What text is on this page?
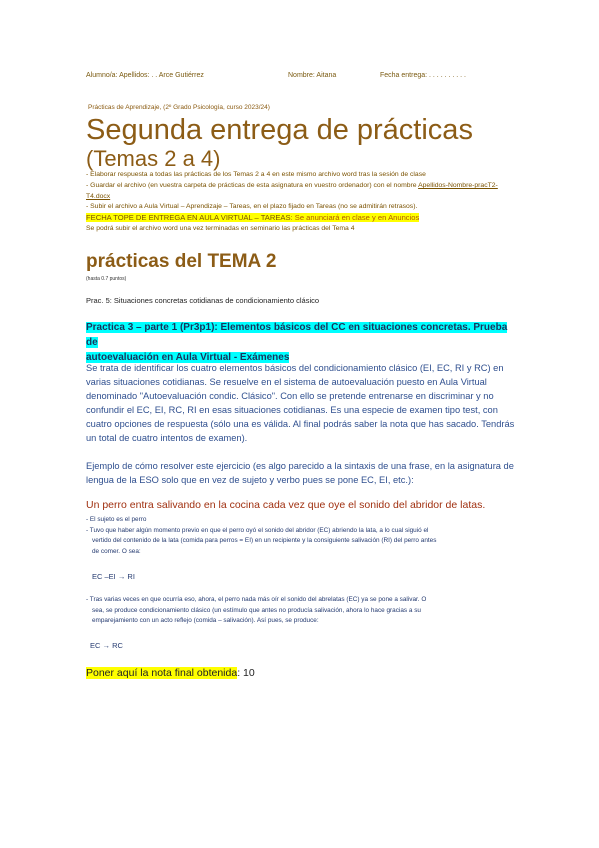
Alumno/a: Apellidos: . . Arce Gutiérrez	Nombre: Aitana	Fecha entrega: . . . . . . . . . .
Prácticas de Aprendizaje, (2º Grado Psicología, curso 2023/24)
Segunda entrega de prácticas
(Temas 2 a 4)
- Elaborar respuesta a todas las prácticas de los Temas 2 a 4 en este mismo archivo word tras la sesión de clase
- Guardar el archivo (en vuestra carpeta de prácticas de esta asignatura en vuestro ordenador) con el nombre Apellidos-Nombre-pracT2-
T4.docx
- Subir el archivo a Aula Virtual – Aprendizaje – Tareas, en el plazo fijado en Tareas (no se admitirán retrasos).
FECHA TOPE DE ENTREGA EN AULA VIRTUAL – TAREAS: Se anunciará en clase y en Anuncios
Se podrá subir el archivo word una vez terminadas en seminario las prácticas del Tema 4
prácticas del TEMA 2
(hasta 0.7 puntos)
Prac. 5: Situaciones concretas cotidianas de condicionamiento clásico
Practica 3 – parte 1 (Pr3p1): Elementos básicos del CC en situaciones concretas. Prueba de
autoevaluación en Aula Virtual - Exámenes
Se trata de identificar los cuatro elementos básicos del condicionamiento clásico (EI, EC, RI y RC) en
varias situaciones cotidianas. Se resuelve en el sistema de autoevaluación puesto en Aula Virtual
denominado "Autoevaluación condic. Clásico". Con ello se pretende entrenarse en discriminar y no
confundir el EC, EI, RC, RI en esas situaciones cotidianas. Es una especie de examen tipo test, con
cuatro opciones de respuesta (sólo una es válida. Al final podrás saber la nota que has sacado. Tendrás
un total de cuatro intentos de examen).
Ejemplo de cómo resolver este ejercicio (es algo parecido a la sintaxis de una frase, en la asignatura de
lengua de la ESO solo que en vez de sujeto y verbo pues se pone EC, EI, etc.):
Un perro entra salivando en la cocina cada vez que oye el sonido del abridor de latas.
- El sujeto es el perro
- Tuvo que haber algún momento previo en que el perro oyó el sonido del abridor (EC) abriendo la lata, a lo cual siguió el
vertido del contenido de la lata (comida para perros = EI) en un recipiente y la consiguiente salivación (RI) del perro antes
de comer. O sea:
EC –EI → RI
- Tras varias veces en que ocurría eso, ahora, el perro nada más oír el sonido del abrelatas (EC) ya se pone a salivar. O
sea, se produce condicionamiento clásico (un estímulo que antes no producía salivación, ahora lo hace gracias a su
emparejamiento con un acto reflejo (comida – salivación). Así pues, se produce:
EC → RC
Poner aquí la nota final obtenida: 10
